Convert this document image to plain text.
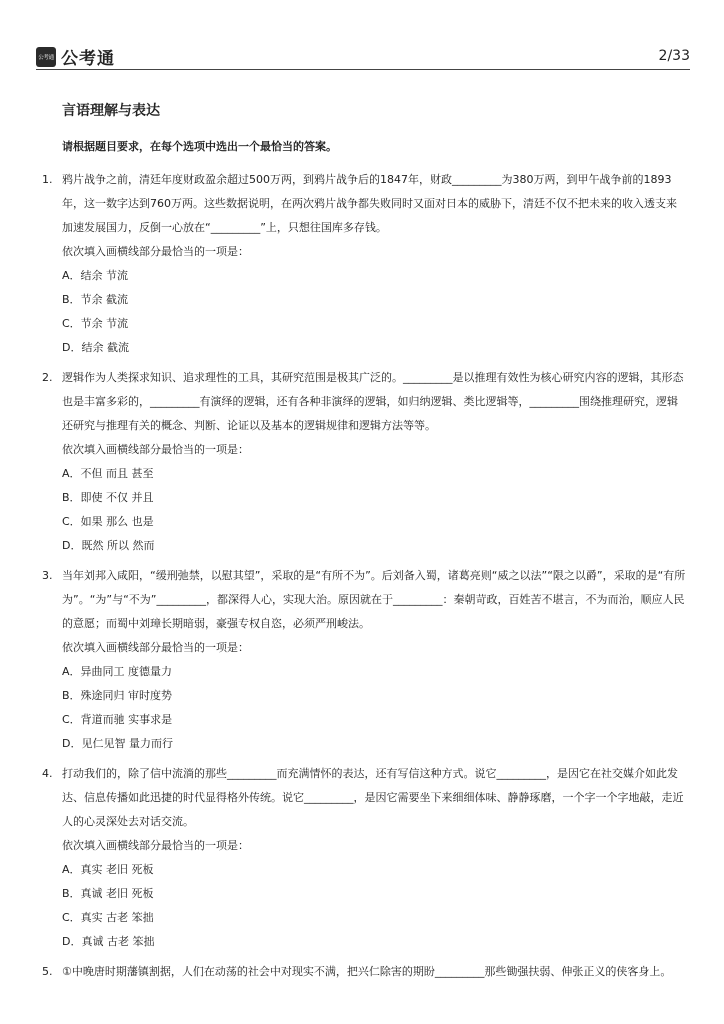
公考通 公考通	2/33
言语理解与表达
请根据题目要求，在每个选项中选出一个最恰当的答案。
1. 鸦片战争之前，清廷年度财政盈余超过500万两，到鸦片战争后的1847年，财政_________为380万两，到甲午战争前的1893年，这一数字达到760万两。这些数据说明，在两次鸦片战争都失败同时又面对日本的威胁下，清廷不仅不把未来的收入透支来加速发展国力，反倒一心放在“_________”上，只想往国库多存钱。
依次填入画横线部分最恰当的一项是：
A．结余 节流
B．节余 截流
C．节余 节流
D．结余 截流
2. 逻辑作为人类探求知识、追求理性的工具，其研究范围是极其广泛的。_________是以推理有效性为核心研究内容的逻辑，其形态也是丰富多彩的，_________有演绎的逻辑，还有各种非演绎的逻辑，如归纳逻辑、类比逻辑等，_________围绕推理研究，逻辑还研究与推理有关的概念、判断、论证以及基本的逻辑规律和逻辑方法等等。
依次填入画横线部分最恰当的一项是：
A．不但 而且 甚至
B．即使 不仅 并且
C．如果 那么 也是
D．既然 所以 然而
3. 当年刘邦入咸阳，“缓刑弛禁，以慰其望”，采取的是“有所不为”。后刘备入蜀，诸葛亮则“威之以法”“限之以爵”，采取的是“有所为”。“为”与“不为”_________，都深得人心，实现大治。原因就在于_________：秦朝苛政，百姓苦不堪言，不为而治，顺应人民的意愿；而蜀中刘璋长期暗弱，豪强专权自恣，必须严刑峻法。
依次填入画横线部分最恰当的一项是：
A．异曲同工 度德量力
B．殊途同归 审时度势
C．背道而驰 实事求是
D．见仁见智 量力而行
4. 打动我们的，除了信中流淌的那些_________而充满情怀的表达，还有写信这种方式。说它_________，是因它在社交媒介如此发达、信息传播如此迅捷的时代显得格外传统。说它_________，是因它需要坐下来细细体味、静静琢磨，一个字一个字地敲，走近人的心灵深处去对话交流。
依次填入画横线部分最恰当的一项是：
A．真实 老旧 死板
B．真诚 老旧 死板
C．真实 古老 笨拙
D．真诚 古老 笨拙
5. ①中晚唐时期藩镇割据，人们在动荡的社会中对现实不满，把兴仁除害的期盼_________那些锄强扶弱、伸张正义的侠客身上。
